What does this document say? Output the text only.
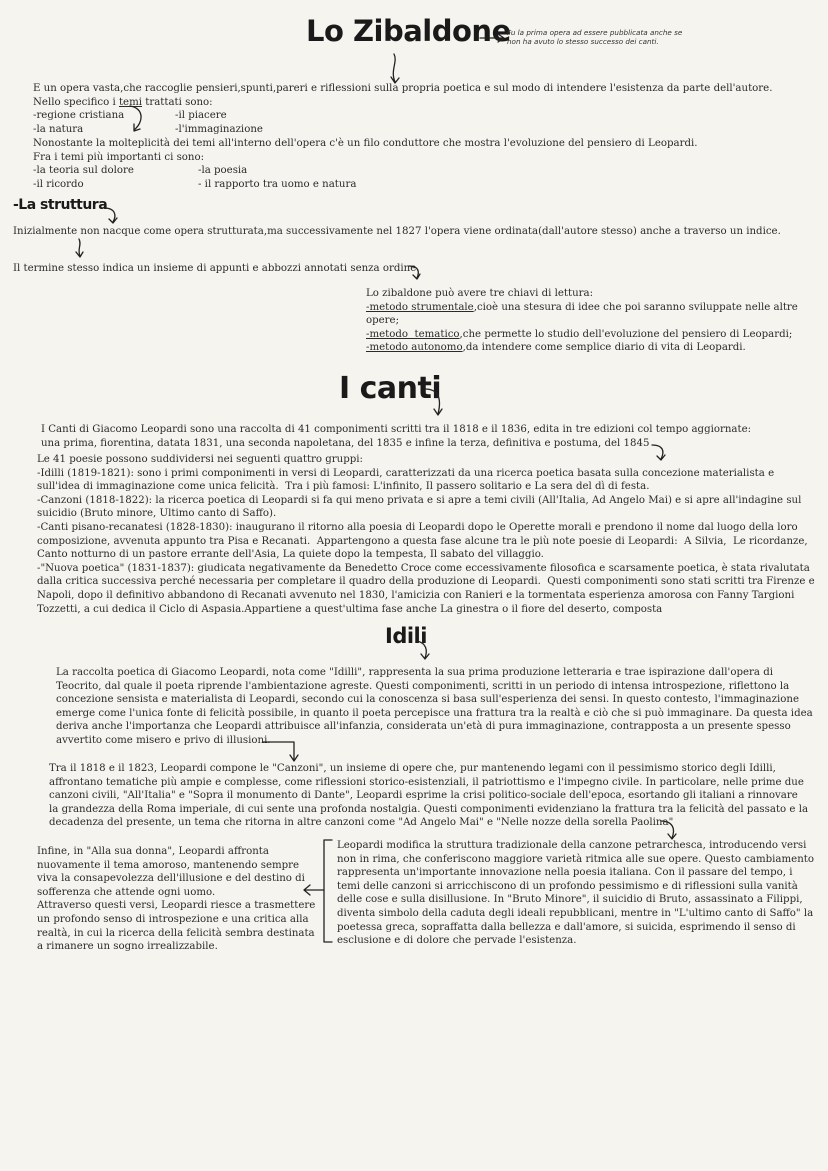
Lo Zibaldone
Fu la prima opera ad essere pubblicata anche se
non ha avuto lo stesso successo dei canti.
E un opera vasta,che raccoglie pensieri,spunti,pareri e riflessioni sulla propria poetica e sul modo di intendere l'esistenza da parte dell'autore.
Nello specifico i temi trattati sono:
-regione cristiana
-la natura
-il piacere
-l'immaginazione
Nonostante la molteplicità dei temi all'interno dell'opera c'è un filo conduttore che mostra l'evoluzione del pensiero di Leopardi.
Fra i temi più importanti ci sono:
-la teoria sul dolore
-il ricordo
-la poesia
- il rapporto tra uomo e natura
-La struttura
Inizialmente non nacque come opera strutturata,ma successivamente nel 1827 l'opera viene ordinata(dall'autore stesso) anche a traverso un indice.
Il termine stesso indica un insieme di appunti e abbozzi annotati senza ordine.
Lo zibaldone può avere tre chiavi di lettura:
-metodo strumentale,cioè una stesura di idee che poi saranno sviluppate nelle altre
opere;
-metodo  tematico,che permette lo studio dell'evoluzione del pensiero di Leopardi;
-metodo autonomo,da intendere come semplice diario di vita di Leopardi.
I canti
I Canti di Giacomo Leopardi sono una raccolta di 41 componimenti scritti tra il 1818 e il 1836, edita in tre edizioni col tempo aggiornate:
una prima, fiorentina, datata 1831, una seconda napoletana, del 1835 e infine la terza, definitiva e postuma, del 1845
Le 41 poesie possono suddividersi nei seguenti quattro gruppi:
-Idilli (1819-1821): sono i primi componimenti in versi di Leopardi, caratterizzati da una ricerca poetica basata sulla concezione materialista e
sull'idea di immaginazione come unica felicità.  Tra i più famosi: L'infinito, Il passero solitario e La sera del dì di festa.
-Canzoni (1818-1822): la ricerca poetica di Leopardi si fa qui meno privata e si apre a temi civili (All'Italia, Ad Angelo Mai) e si apre all'indagine sul
suicidio (Bruto minore, Ultimo canto di Saffo).
-Canti pisano-recanatesi (1828-1830): inaugurano il ritorno alla poesia di Leopardi dopo le Operette morali e prendono il nome dal luogo della loro
composizione, avvenuta appunto tra Pisa e Recanati.  Appartengono a questa fase alcune tra le più note poesie di Leopardi:  A Silvia,  Le ricordanze,
Canto notturno di un pastore errante dell'Asia, La quiete dopo la tempesta, Il sabato del villaggio.
-"Nuova poetica" (1831-1837): giudicata negativamente da Benedetto Croce come eccessivamente filosofica e scarsamente poetica, è stata rivalutata
dalla critica successiva perché necessaria per completare il quadro della produzione di Leopardi.  Questi componimenti sono stati scritti tra Firenze e
Napoli, dopo il definitivo abbandono di Recanati avvenuto nel 1830, l'amicizia con Ranieri e la tormentata esperienza amorosa con Fanny Targioni
Tozzetti, a cui dedica il Ciclo di Aspasia.Appartiene a quest'ultima fase anche La ginestra o il fiore del deserto, composta
Idili
La raccolta poetica di Giacomo Leopardi, nota come "Idilli", rappresenta la sua prima produzione letteraria e trae ispirazione dall'opera di
Teocrito, dal quale il poeta riprende l'ambientazione agreste. Questi componimenti, scritti in un periodo di intensa introspezione, riflettono la
concezione sensista e materialista di Leopardi, secondo cui la conoscenza si basa sull'esperienza dei sensi. In questo contesto, l'immaginazione
emerge come l'unica fonte di felicità possibile, in quanto il poeta percepisce una frattura tra la realtà e ciò che si può immaginare. Da questa idea
deriva anche l'importanza che Leopardi attribuisce all'infanzia, considerata un'età di pura immaginazione, contrapposta a un presente spesso
avvertito come misero e privo di illusioni.
Tra il 1818 e il 1823, Leopardi compone le "Canzoni", un insieme di opere che, pur mantenendo legami con il pessimismo storico degli Idilli,
affrontano tematiche più ampie e complesse, come riflessioni storico-esistenziali, il patriottismo e l'impegno civile. In particolare, nelle prime due
canzoni civili, "All'Italia" e "Sopra il monumento di Dante", Leopardi esprime la crisi politico-sociale dell'epoca, esortando gli italiani a rinnovare
la grandezza della Roma imperiale, di cui sente una profonda nostalgia. Questi componimenti evidenziano la frattura tra la felicità del passato e la
decadenza del presente, un tema che ritorna in altre canzoni come "Ad Angelo Mai" e "Nelle nozze della sorella Paolina"
Leopardi modifica la struttura tradizionale della canzone petrarchesca, introducendo versi
non in rima, che conferiscono maggiore varietà ritmica alle sue opere. Questo cambiamento
rappresenta un'importante innovazione nella poesia italiana. Con il passare del tempo, i
temi delle canzoni si arricchiscono di un profondo pessimismo e di riflessioni sulla vanità
delle cose e sulla disillusione. In "Bruto Minore", il suicidio di Bruto, assassinato a Filippi,
diventa simbolo della caduta degli ideali repubblicani, mentre in "L'ultimo canto di Saffo" la
poetessa greca, sopraffatta dalla bellezza e dall'amore, si suicida, esprimendo il senso di
esclusione e di dolore che pervade l'esistenza.
Infine, in "Alla sua donna", Leopardi affronta
nuovamente il tema amoroso, mantenendo sempre
viva la consapevolezza dell'illusione e del destino di
sofferenza che attende ogni uomo.
Attraverso questi versi, Leopardi riesce a trasmettere
un profondo senso di introspezione e una critica alla
realtà, in cui la ricerca della felicità sembra destinata
a rimanere un sogno irrealizzabile.
